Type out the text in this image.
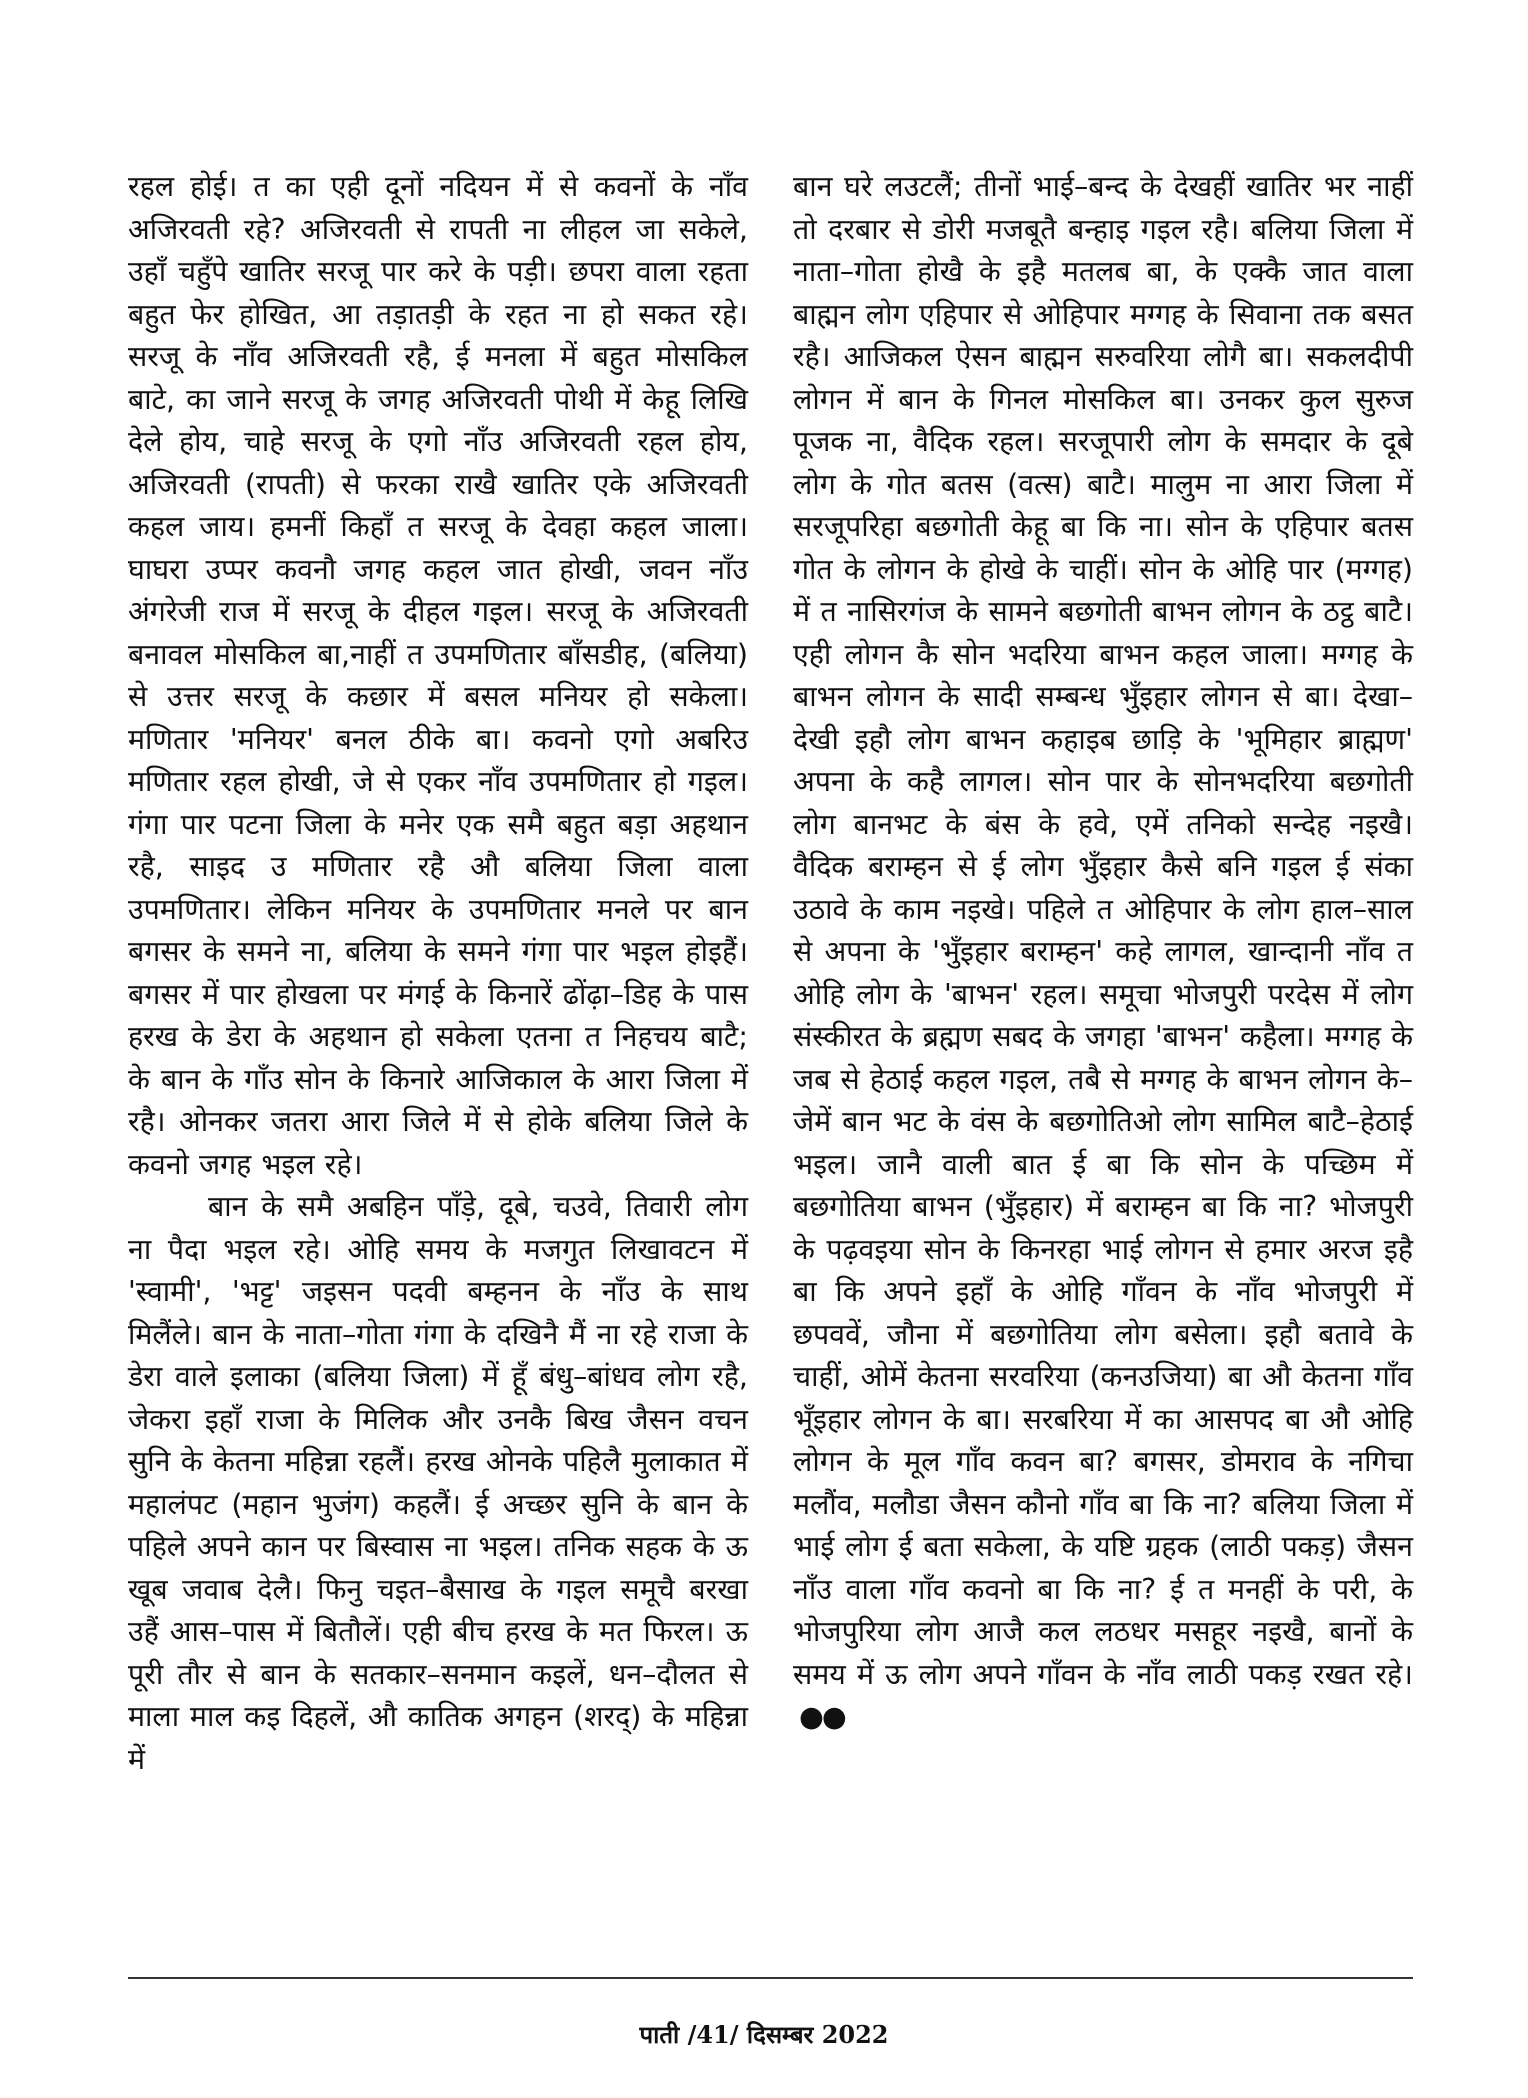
रहल होई। त का एही दूनों नदियन में से कवनों के नाँव अजिरवती रहे? अजिरवती से रापती ना लीहल जा सकेले, उहाँ चहुँपे खातिर सरजू पार करे के पड़ी। छपरा वाला रहता बहुत फेर होखित, आ तड़ातड़ी के रहत ना हो सकत रहे। सरजू के नाँव अजिरवती रहै, ई मनला में बहुत मोसकिल बाटे, का जाने सरजू के जगह अजिरवती पोथी में केहू लिखि देले होय, चाहे सरजू के एगो नाँउ अजिरवती रहल होय, अजिरवती (रापती) से फरका राखै खातिर एके अजिरवती कहल जाय। हमनीं किहाँ त सरजू के देवहा कहल जाला। घाघरा उप्पर कवनौ जगह कहल जात होखी, जवन नाँउ अंगरेजी राज में सरजू के दीहल गइल। सरजू के अजिरवती बनावल मोसकिल बा,नाहीं त उपमणितार बाँसडीह, (बलिया) से उत्तर सरजू के कछार में बसल मनियर हो सकेला। मणितार 'मनियर' बनल ठीके बा। कवनो एगो अबरिउ मणितार रहल होखी, जे से एकर नाँव उपमणितार हो गइल। गंगा पार पटना जिला के मनेर एक समै बहुत बड़ा अहथान रहै, साइद उ मणितार रहै औ बलिया जिला वाला उपमणितार। लेकिन मनियर के उपमणितार मनले पर बान बगसर के समने ना, बलिया के समने गंगा पार भइल होइहैं। बगसर में पार होखला पर मंगई के किनारें ढोंढ़ा–डिह के पास हरख के डेरा के अहथान हो सकेला एतना त निहचय बाटै; के बान के गाँउ सोन के किनारे आजिकाल के आरा जिला में रहै। ओनकर जतरा आरा जिले में से होके बलिया जिले के कवनो जगह भइल रहे।

बान के समै अबहिन पाँड़े, दूबे, चउवे, तिवारी लोग ना पैदा भइल रहे। ओहि समय के मजगुत लिखावटन में 'स्वामी', 'भट्ट' जइसन पदवी बम्हनन के नाँउ के साथ मिलैंले। बान के नाता–गोता गंगा के दखिनै मैं ना रहे राजा के डेरा वाले इलाका (बलिया जिला) में हूँ बंधु–बांधव लोग रहै, जेकरा इहाँ राजा के मिलिक और उनकै बिख जैसन वचन सुनि के केतना महिन्ना रहलैं। हरख ओनके पहिलै मुलाकात में महालंपट (महान भुजंग) कहलैं। ई अच्छर सुनि के बान के पहिले अपने कान पर बिस्वास ना भइल। तनिक सहक के ऊ खूब जवाब देलै। फिनु चइत–बैसाख के गइल समूचै बरखा उहैं आस–पास में बितौलें। एही बीच हरख के मत फिरल। ऊ पूरी तौर से बान के सतकार–सनमान कइलें, धन–दौलत से माला माल कइ दिहलें, औ कातिक अगहन (शरद्) के महिन्ना में

बान घरे लउटलैं; तीनों भाई–बन्द के देखहीं खातिर भर नाहीं तो दरबार से डोरी मजबूतै बन्हाइ गइल रहै। बलिया जिला में नाता–गोता होखै के इहै मतलब बा, के एक्कै जात वाला बाह्मन लोग एहिपार से ओहिपार मग्गह के सिवाना तक बसत रहै। आजिकल ऐसन बाह्मन सरुवरिया लोगै बा। सकलदीपी लोगन में बान के गिनल मोसकिल बा। उनकर कुल सुरुज पूजक ना, वैदिक रहल। सरजूपारी लोग के समदार के दूबे लोग के गोत बतस (वत्स) बाटै। मालुम ना आरा जिला में सरजूपरिहा बछगोती केहू बा कि ना। सोन के एहिपार बतस गोत के लोगन के होखे के चाहीं। सोन के ओहि पार (मग्गह) में त नासिरगंज के सामने बछगोती बाभन लोगन के ठट्ठ बाटै। एही लोगन कै सोन भदरिया बाभन कहल जाला। मग्गह के बाभन लोगन के सादी सम्बन्ध भुँइहार लोगन से बा। देखा–देखी इहौ लोग बाभन कहाइब छाड़ि के 'भूमिहार ब्राह्मण' अपना के कहै लागल। सोन पार के सोनभदरिया बछगोती लोग बानभट के बंस के हवे, एमें तनिको सन्देह नइखै। वैदिक बराम्हन से ई लोग भुँइहार कैसे बनि गइल ई संका उठावे के काम नइखे। पहिले त ओहिपार के लोग हाल–साल से अपना के 'भुँइहार बराम्हन' कहे लागल, खान्दानी नाँव त ओहि लोग के 'बाभन' रहल। समूचा भोजपुरी परदेस में लोग संस्कीरत के ब्रह्मण सबद के जगहा 'बाभन' कहैला। मग्गह के जब से हेठाई कहल गइल, तबै से मग्गह के बाभन लोगन के– जेमें बान भट के वंस के बछगोतिओ लोग सामिल बाटै–हेठाई भइल। जानै वाली बात ई बा कि सोन के पच्छिम में बछगोतिया बाभन (भुँइहार) में बराम्हन बा कि ना? भोजपुरी के पढ़वइया सोन के किनरहा भाई लोगन से हमार अरज इहै बा कि अपने इहाँ के ओहि गाँवन के नाँव भोजपुरी में छपववें, जौना में बछगोतिया लोग बसेला। इहौ बतावे के चाहीं, ओमें केतना सरवरिया (कनउजिया) बा औ केतना गाँव भूँइहार लोगन के बा। सरबरिया में का आसपद बा औ ओहि लोगन के मूल गाँव कवन बा? बगसर, डोमराव के नगिचा मलौंव, मलौडा जैसन कौनो गाँव बा कि ना? बलिया जिला में भाई लोग ई बता सकेला, के यष्टि ग्रहक (लाठी पकड़) जैसन नाँउ वाला गाँव कवनो बा कि ना? ई त मनहीं के परी, के भोजपुरिया लोग आजै कल लठधर मसहूर नइखै, बानों के समय में ऊ लोग अपने गाँवन के नाँव लाठी पकड़ रखत रहे।●●

पाती /41/ दिसम्बर 2022
